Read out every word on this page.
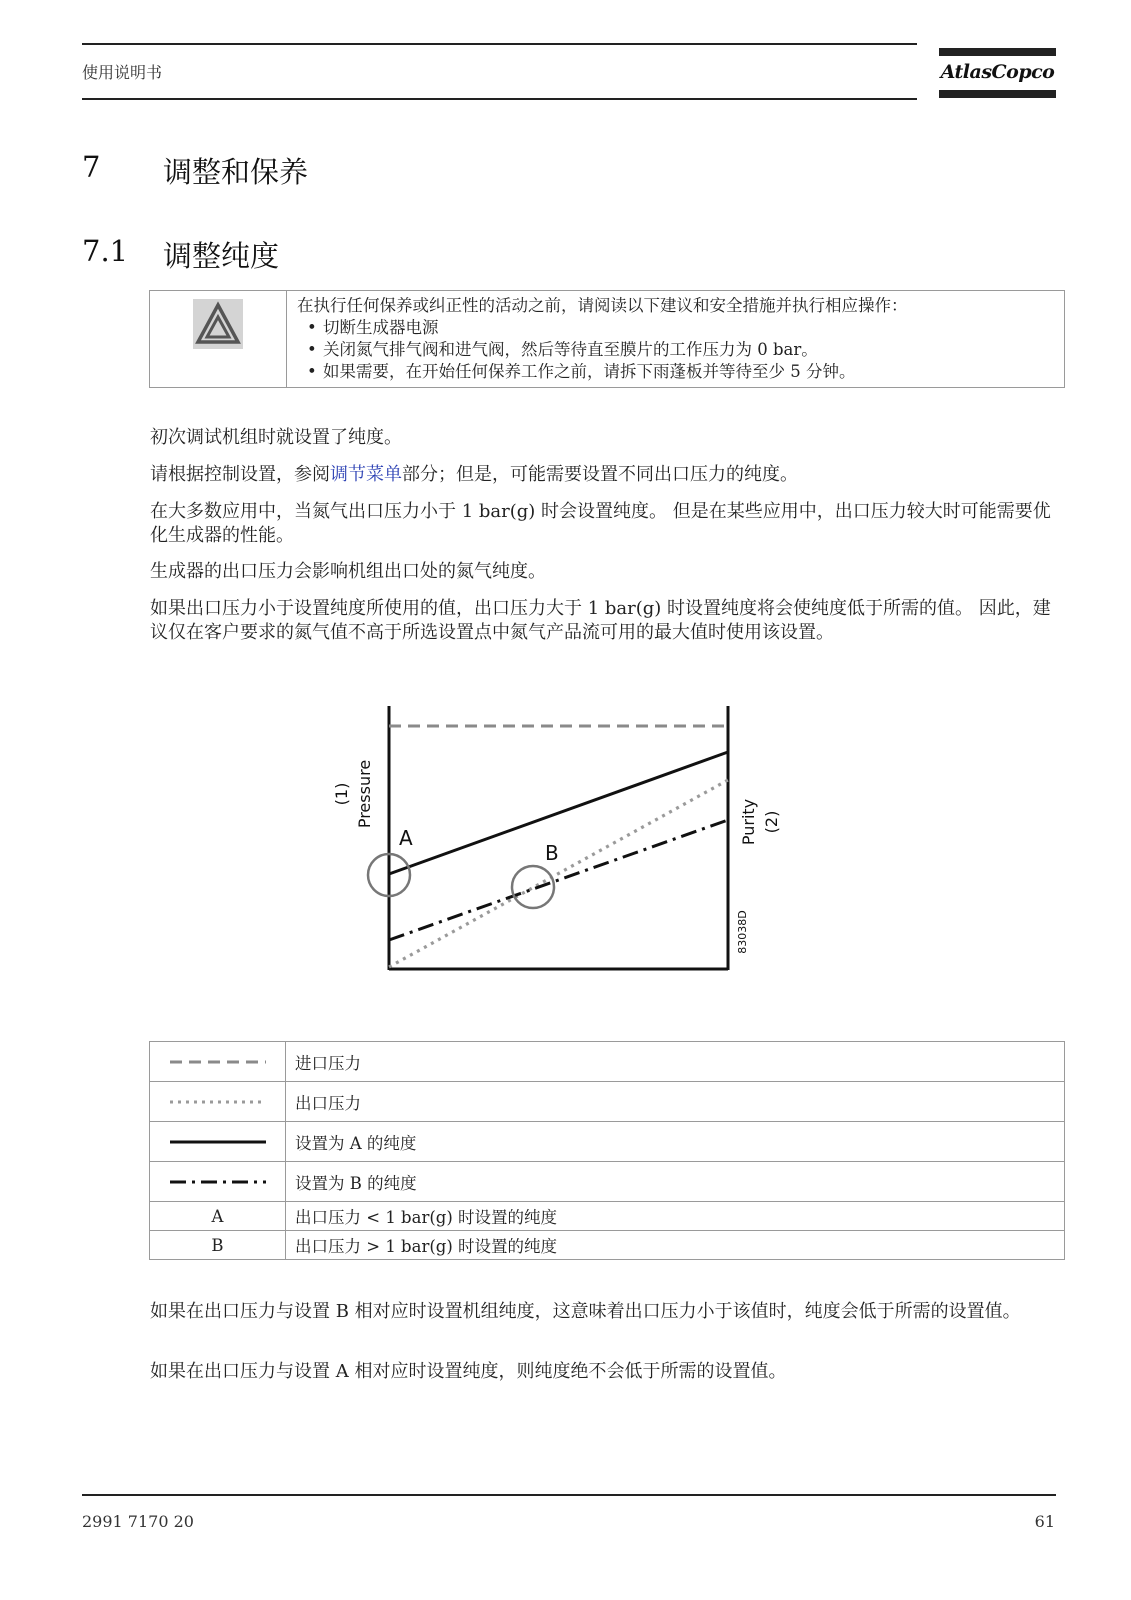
使用说明书	AtlasCopco
7 调整和保养
7.1 调整纯度

在执行任何保养或纠正性的活动之前，请阅读以下建议和安全措施并执行相应操作：
• 切断生成器电源
• 关闭氮气排气阀和进气阀，然后等待直至膜片的工作压力为 0 bar。
• 如果需要，在开始任何保养工作之前，请拆下雨蓬板并等待至少 5 分钟。
初次调试机组时就设置了纯度。
请根据控制设置，参阅调节菜单部分；但是，可能需要设置不同出口压力的纯度。
在大多数应用中，当氮气出口压力小于 1 bar(g) 时会设置纯度。 但是在某些应用中，出口压力较大时可能需要优化生成器的性能。
生成器的出口压力会影响机组出口处的氮气纯度。
如果出口压力小于设置纯度所使用的值，出口压力大于 1 bar(g) 时设置纯度将会使纯度低于所需的值。 因此，建议仅在客户要求的氮气值不高于所选设置点中氮气产品流可用的最大值时使用该设置。
A
B
(1) Pressure	Purity (2)
83038D
	进口压力
	出口压力
	设置为 A 的纯度
	设置为 B 的纯度
A	出口压力 < 1 bar(g) 时设置的纯度
B	出口压力 > 1 bar(g) 时设置的纯度
如果在出口压力与设置 B 相对应时设置机组纯度，这意味着出口压力小于该值时，纯度会低于所需的设置值。
如果在出口压力与设置 A 相对应时设置纯度，则纯度绝不会低于所需的设置值。
2991 7170 20	61
